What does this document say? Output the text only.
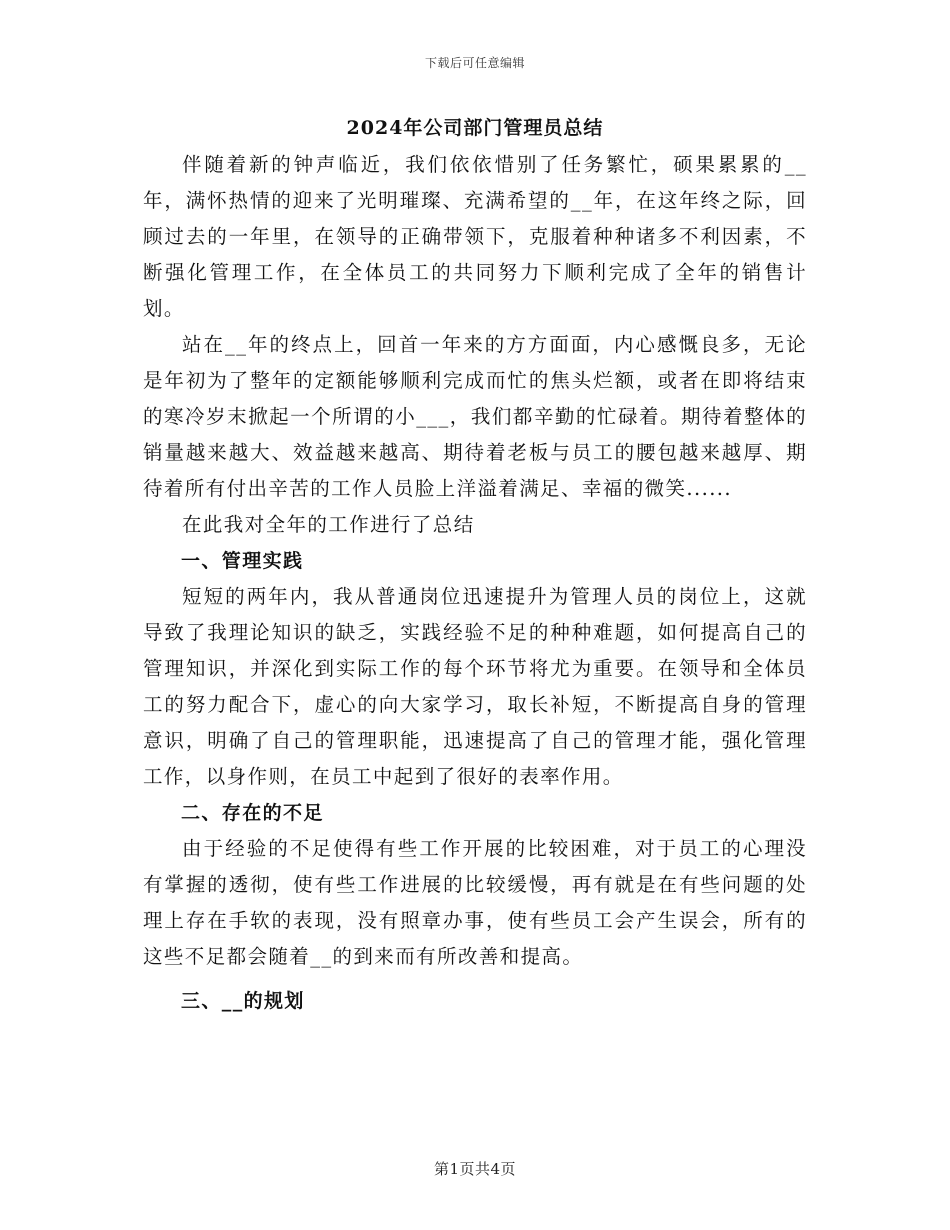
下载后可任意编辑
2024年公司部门管理员总结

伴随着新的钟声临近，我们依依惜别了任务繁忙，硕果累累的__年，满怀热情的迎来了光明璀璨、充满希望的__年，在这年终之际，回顾过去的一年里，在领导的正确带领下，克服着种种诸多不利因素，不断强化管理工作，在全体员工的共同努力下顺利完成了全年的销售计划。

站在__年的终点上，回首一年来的方方面面，内心感慨良多，无论是年初为了整年的定额能够顺利完成而忙的焦头烂额，或者在即将结束的寒冷岁末掀起一个所谓的小___，我们都辛勤的忙碌着。期待着整体的销量越来越大、效益越来越高、期待着老板与员工的腰包越来越厚、期待着所有付出辛苦的工作人员脸上洋溢着满足、幸福的微笑......

在此我对全年的工作进行了总结

一、管理实践

短短的两年内，我从普通岗位迅速提升为管理人员的岗位上，这就导致了我理论知识的缺乏，实践经验不足的种种难题，如何提高自己的管理知识，并深化到实际工作的每个环节将尤为重要。在领导和全体员工的努力配合下，虚心的向大家学习，取长补短，不断提高自身的管理意识，明确了自己的管理职能，迅速提高了自己的管理才能，强化管理工作，以身作则，在员工中起到了很好的表率作用。

二、存在的不足

由于经验的不足使得有些工作开展的比较困难，对于员工的心理没有掌握的透彻，使有些工作进展的比较缓慢，再有就是在有些问题的处理上存在手软的表现，没有照章办事，使有些员工会产生误会，所有的这些不足都会随着__的到来而有所改善和提高。

三、__的规划

第1页共4页
